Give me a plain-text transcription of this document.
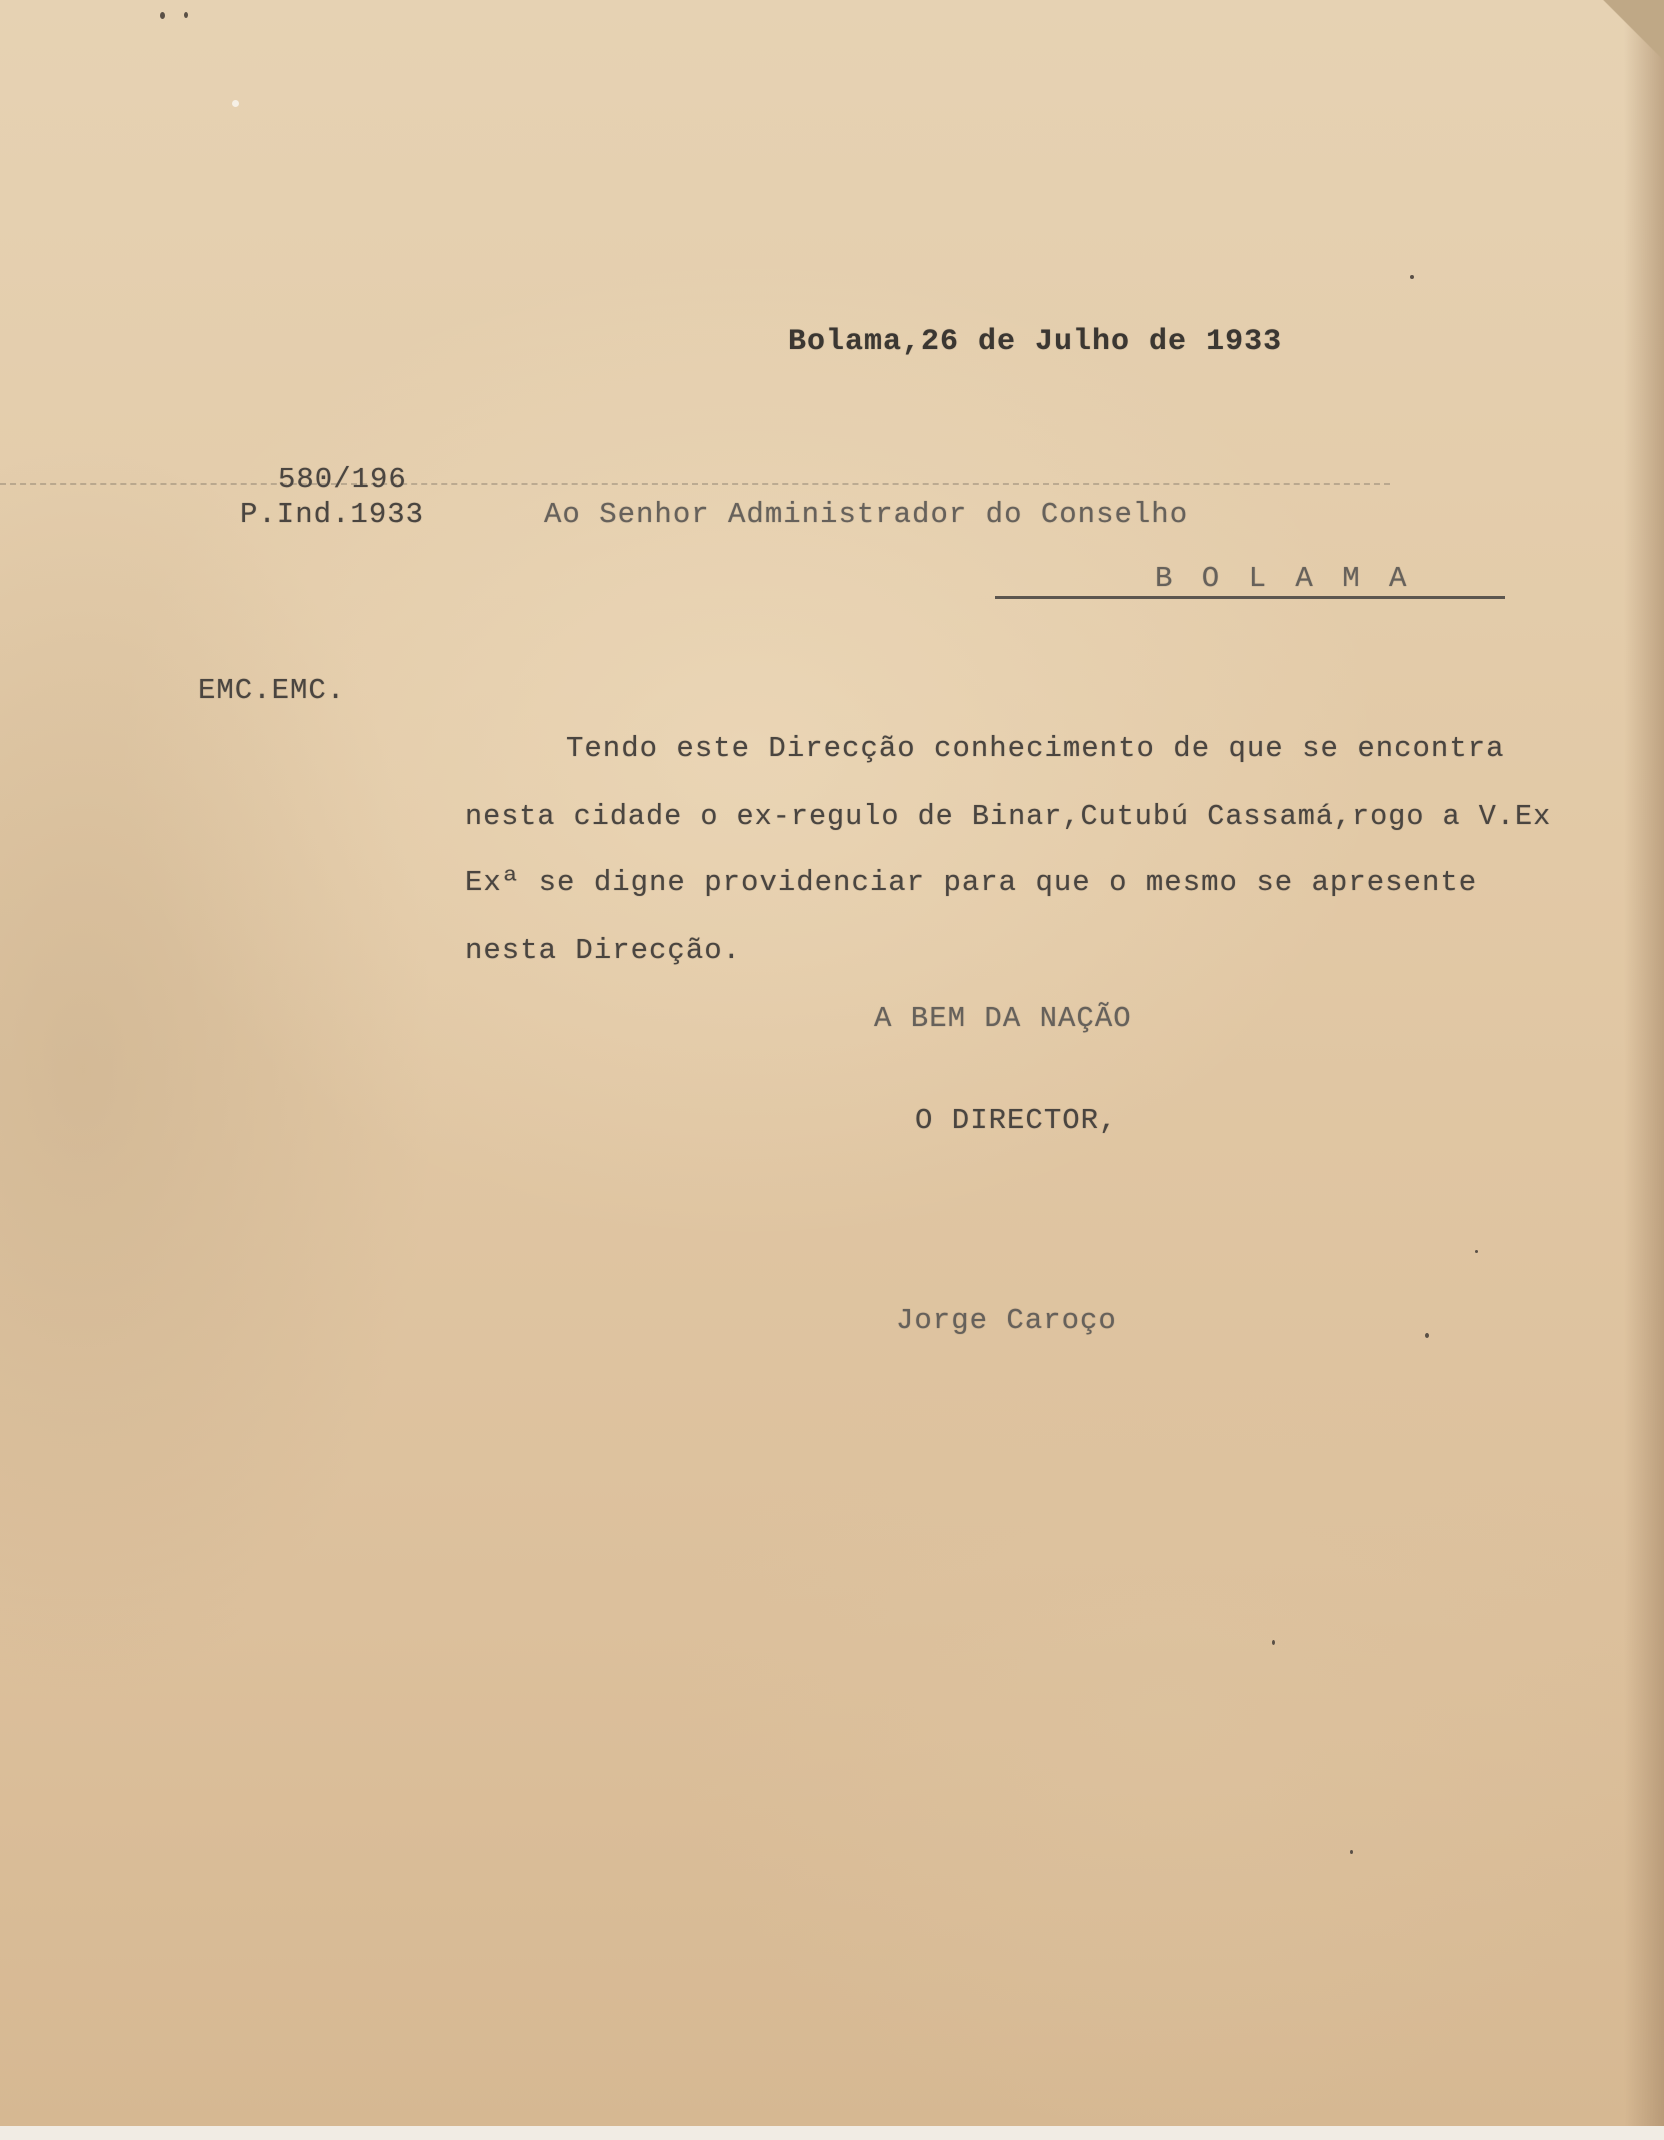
Bolama,26 de Julho de 1933
580/196
P.Ind.1933	Ao Senhor Administrador do Conselho
B O L A M A
EMC.EMC.
Tendo este Direcção conhecimento de que se encontra
nesta cidade o ex-regulo de Binar,Cutubú Cassamá,rogo a V.Ex
Exª se digne providenciar para que o mesmo se apresente
nesta Direcção.
A BEM DA NAÇÃO
O DIRECTOR,
Jorge Caroço
